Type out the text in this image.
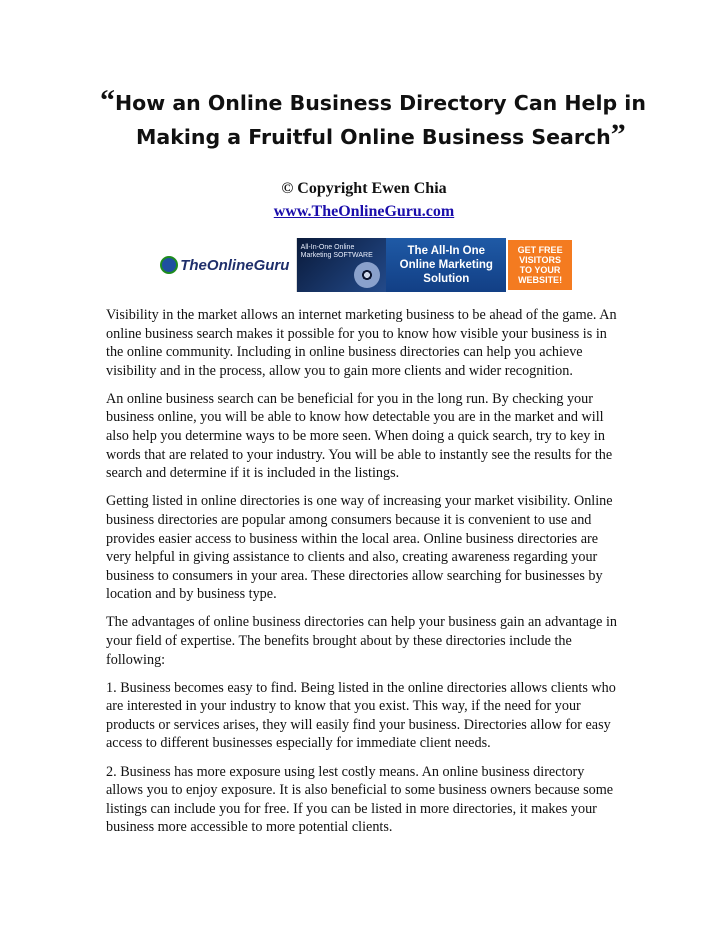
“How an Online Business Directory Can Help in
Making a Fruitful Online Business Search”
© Copyright Ewen Chia
www.TheOnlineGuru.com
TheOnlineGuru
All-In-One Online Marketing SOFTWARE	The All-In One
Online Marketing
Solution
GET FREE
VISITORS
TO YOUR
WEBSITE!

Visibility in the market allows an internet marketing business to be ahead of the game. An online business search makes it possible for you to know how visible your business is in the online community. Including in online business directories can help you achieve visibility and in the process, allow you to gain more clients and wider recognition.

An online business search can be beneficial for you in the long run. By checking your business online, you will be able to know how detectable you are in the market and will also help you determine ways to be more seen. When doing a quick search, try to key in words that are related to your industry. You will be able to instantly see the results for the search and determine if it is included in the listings.

Getting listed in online directories is one way of increasing your market visibility. Online business directories are popular among consumers because it is convenient to use and provides easier access to business within the local area. Online business directories are very helpful in giving assistance to clients and also, creating awareness regarding your business to consumers in your area. These directories allow searching for businesses by location and by business type.

The advantages of online business directories can help your business gain an advantage in your field of expertise. The benefits brought about by these directories include the following:

1. Business becomes easy to find. Being listed in the online directories allows clients who are interested in your industry to know that you exist. This way, if the need for your products or services arises, they will easily find your business. Directories allow for easy access to different businesses especially for immediate client needs.

2. Business has more exposure using lest costly means. An online business directory allows you to enjoy exposure. It is also beneficial to some business owners because some listings can include you for free. If you can be listed in more directories, it makes your business more accessible to more potential clients.
